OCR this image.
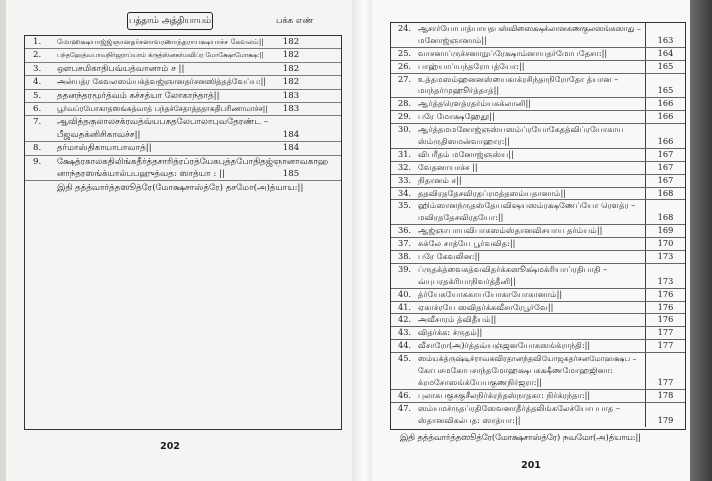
பத்தாம் அத்தியாயம்	பக்க எண்
1. மோஹக்ஷயாஜ்ஜ்ஞானதர்சனாவரணாந்தராயக்ஷயாச்ச கேவலம்||	182
2. பந்தஹேத்வபாவநிர்ஜராப்யாம் க்ருத்ஸ்னகர்மவிப்ர மோக்ஷோமோக்ஷ:||	182
3. ஔபசமிகாதிபவ்யத்வானாம் ச ||	182
4. அன்யத்ர கேவலஸம்யக்த்வஜ்ஞானதர்சனஸித்தத்வேப்ய:||	182
5. ததனந்தரமூர்த்வம் கச்சத்யா லோகாந்தாத்||	183
6. பூர்வப்ரயோகாதஸங்கத்வாத் பந்தச்சேதாத்ததாகதிபரிணாமாச்ச||	183
7. ஆவித்தகுலாலசக்ரவத்வ்யபகதலேபாலாபுவதேரண்ட –
பீஜவதக்னிசிகாவச்ச||	184
8. தர்மாஸ்திகாயாபாவாத்||	184
9. க்ஷேத்ரகாலகதிலிங்கதீர்த்தசாரித்ரப்ரத்யேகபுத்தபோதிதஜ்ஞானாவகாஹ
னாந்தரஸங்க்யால்பபஹுத்வத: ஸாத்யா : ||	185
இதி தத்த்வார்த்தஸூத்ரே(மோக்ஷசாஸ்த்ரே) தசமோ(அ)த்யாய:||
202
24. ஆசார்யோபாத்யாயதபஸ்விஸைக்ஷக்லானகணகுலஸங்கஸாது –
மனோஜ்ஞானாம்||	163
25. வாசனாப்ருச்சனாநுப்ரேக்ஷாம்னாயதர்மோபதேசா:||	164
26. பாஹ்யாப்யந்தரோபத்யோ:||	165
27. உத்தமஸம்ஹனனஸ்யைகாக்ரசிந்தாநிரோதோ த்யான –
மாந்தர்முஹூர்த்தாத்||	165
28. ஆர்த்தரௌத்ரதர்ம்யசுக்லானி||	166
29. பரே மோக்ஷஹேதூ||	166
30. ஆர்த்தமமனோஜ்ஞஸ்யஸம்ப்ரயோகேதத்விப்ரயோகாய
ஸ்ம்ருதிஸமன்வாஹார:||	166
31. விபரீதம் மனோஜ்ஞஸ்ய||	167
32. வேதனாயாச்ச ||	167
33. நிதானம் ச||	167
34. ததவிரததேசவிரதப்ரமத்தஸம்யதானாம்||	168
35. ஹிம்ஸானந்ருதஸ்தேயவிஷயஸம்ரக்ஷணேப்யோ ரௌத்ர –
மவிரததேசவிரதயோ:||	168
36. ஆஜ்ஞாபாயவிபாகஸம்ஸ்தானவிசயாய தர்ம்யம்||	169
37. சுக்லே சாத்யே பூர்வவித:||	170
38. பரே கேவலின:||	173
39. ப்ருதக்த்வைகத்வவிதர்க்கஸூக்ஷ்மக்ரியாப்ரதிபாதி –
வ்யுபரதக்ரியாநிவர்த்தீனி||	173
40. த்ர்யேகயோககாயயோகாயோகானாம்||	176
41. ஏகாச்ரயே ஸவிதர்க்கவீசாரேபூர்வே||	176
42. அவீசாரம் த்விதீயம்||	176
43. விதர்க்க: ச்ருதம்||	177
44. வீசாரோ(அ)ர்த்தவ்யஞ்ஜனயோகஸங்க்ராந்தி:||	177
45. ஸம்யக்த்ருஷ்டிச்ராவகவிரதானந்தவியோஜகதர்சனமோஹக்ஷப –
கோபசமகோபசாந்தமோஹக்ஷபகக்ஷீணமோஹஜினா:
க்ரமசோஸங்க்யேயகுணநிர்ஜரா:||	177
46. புலாகபகுசகுசீலநிர்க்ரந்தஸ்நாதகா: நிர்க்ரந்தா:||	178
47. ஸம்யமச்ருதப்ரதிஸேவனாதீர்த்தலிங்கலேச்யோபபாத –
ஸ்தானவிகல்பத: ஸாத்யா:||	179
இதி தத்த்வார்த்தஸூத்ரே(மோக்ஷசாஸ்த்ரே) நவமோ(அ)த்யாய:||
201
